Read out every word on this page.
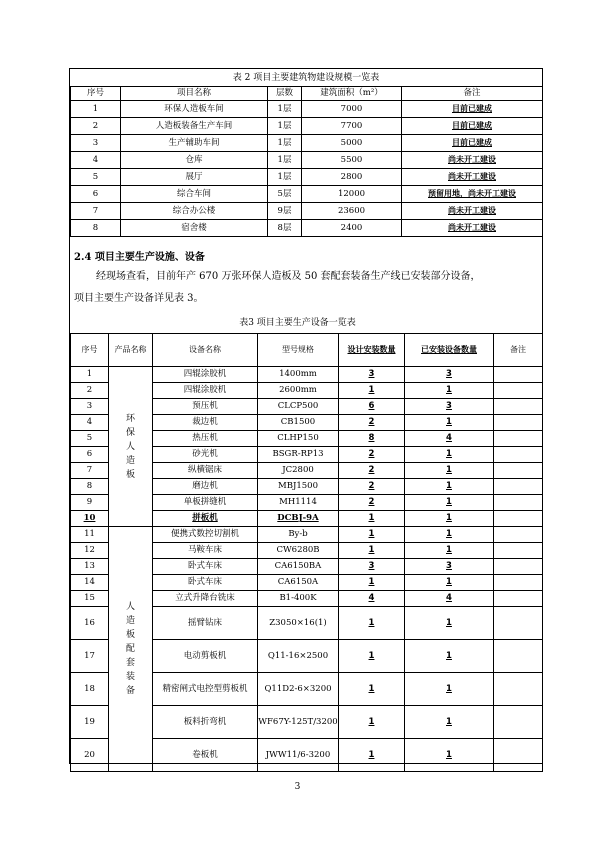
表 2 项目主要建筑物建设规模一览表
序号	项目名称	层数	建筑面积（m²）	备注
1	环保人造板车间	1层	7000	目前已建成
2	人造板装备生产车间	1层	7700	目前已建成
3	生产辅助车间	1层	5000	目前已建成
4	仓库	1层	5500	尚未开工建设
5	展厅	1层	2800	尚未开工建设
6	综合车间	5层	12000	预留用地，尚未开工建设
7	综合办公楼	9层	23600	尚未开工建设
8	宿舍楼	8层	2400	尚未开工建设
序号	产品名称	设备名称	型号规格	设计安装数量	已安装设备数量	备注
1	环保人造板	四辊涂胶机	1400mm	3	3	
2		四辊涂胶机	2600mm	1	1	
3		预压机	CLCP500	6	3	
4		裁边机	CB1500	2	1	
5		热压机	CLHP150	8	4	
6		砂光机	BSGR-RP13	2	1	
7		纵横锯床	JC2800	2	1	
8		磨边机	MBJ1500	2	1	
9		单板拼缝机	MH1114	2	1	
10		拼板机	DCBJ-9A	1	1	
11	人造板配套装备	便携式数控切割机	By-b	1	1	
12		马鞍车床	CW6280B	1	1	
13		卧式车床	CA6150BA	3	3	
14		卧式车床	CA6150A	1	1	
15		立式升降台铣床	B1-400K	4	4	
16		摇臂钻床	Z3050×16(1)	1	1	
17		电动剪板机	Q11-16×2500	1	1	
18		精密闸式电控型剪板机	Q11D2-6×3200	1	1	
19		板料折弯机	WF67Y-125T/3200	1	1	
20		卷板机	JWW11/6-3200	1	1	
2.4 项目主要生产设施、设备
经现场查看，目前年产 670 万张环保人造板及 50 套配套装备生产线已安装部分设备，
项目主要生产设备详见表 3。
表3 项目主要生产设备一览表
3
